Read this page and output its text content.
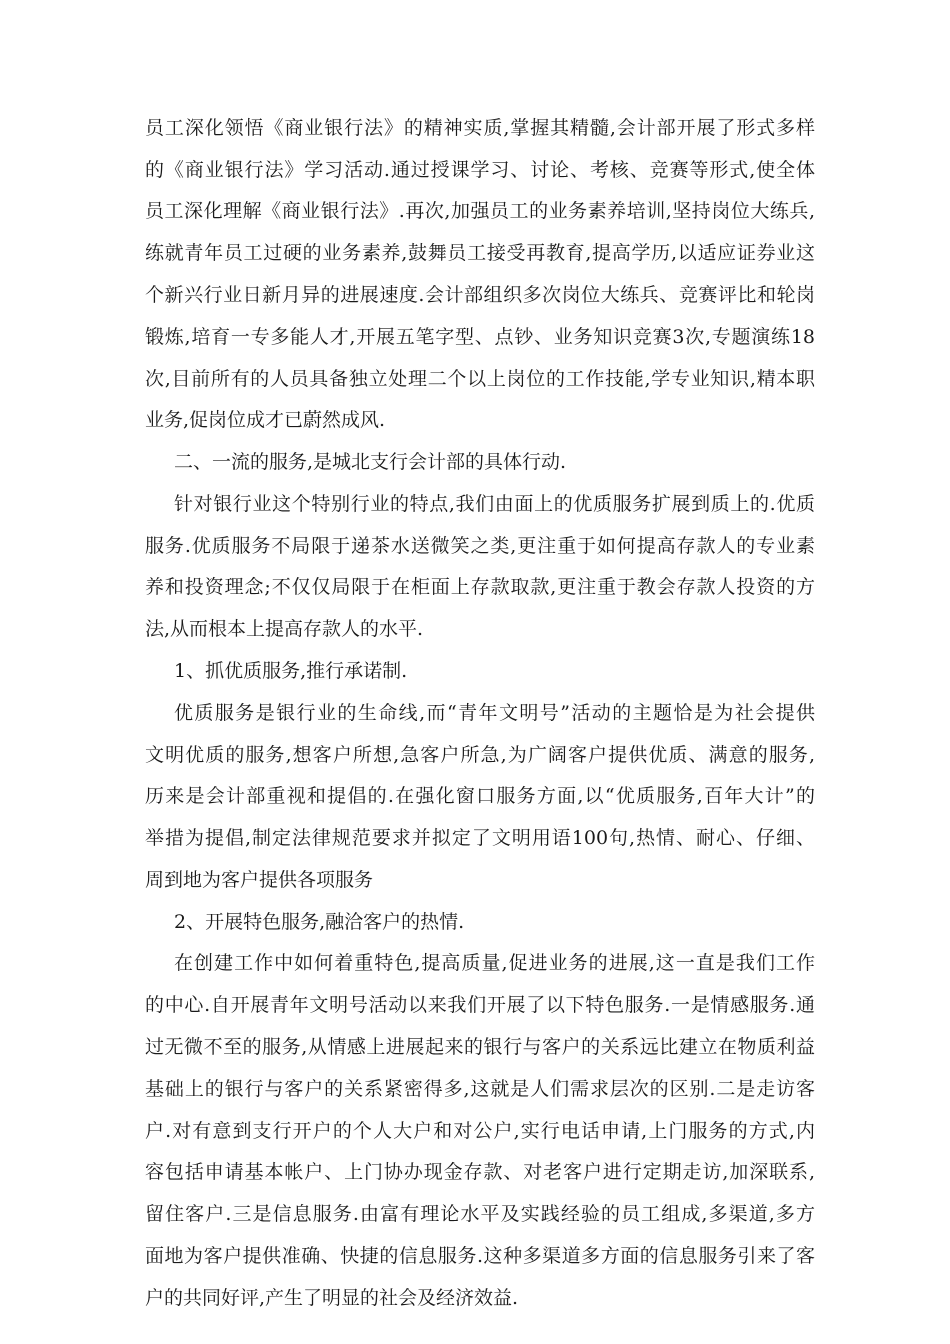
员工深化领悟《商业银行法》的精神实质,掌握其精髓,会计部开展了形式多样
的《商业银行法》学习活动.通过授课学习、讨论、考核、竞赛等形式,使全体
员工深化理解《商业银行法》.再次,加强员工的业务素养培训,坚持岗位大练兵,
练就青年员工过硬的业务素养,鼓舞员工接受再教育,提高学历,以适应证券业这
个新兴行业日新月异的进展速度.会计部组织多次岗位大练兵、竞赛评比和轮岗
锻炼,培育一专多能人才,开展五笔字型、点钞、业务知识竞赛3次,专题演练18
次,目前所有的人员具备独立处理二个以上岗位的工作技能,学专业知识,精本职
业务,促岗位成才已蔚然成风.
二、一流的服务,是城北支行会计部的具体行动.
针对银行业这个特别行业的特点,我们由面上的优质服务扩展到质上的.优质
服务.优质服务不局限于递茶水送微笑之类,更注重于如何提高存款人的专业素
养和投资理念;不仅仅局限于在柜面上存款取款,更注重于教会存款人投资的方
法,从而根本上提高存款人的水平.
1、抓优质服务,推行承诺制.
优质服务是银行业的生命线,而“青年文明号”活动的主题恰是为社会提供
文明优质的服务,想客户所想,急客户所急,为广阔客户提供优质、满意的服务,
历来是会计部重视和提倡的.在强化窗口服务方面,以“优质服务,百年大计”的
举措为提倡,制定法律规范要求并拟定了文明用语100句,热情、耐心、仔细、
周到地为客户提供各项服务
2、开展特色服务,融洽客户的热情.
在创建工作中如何着重特色,提高质量,促进业务的进展,这一直是我们工作
的中心.自开展青年文明号活动以来我们开展了以下特色服务.一是情感服务.通
过无微不至的服务,从情感上进展起来的银行与客户的关系远比建立在物质利益
基础上的银行与客户的关系紧密得多,这就是人们需求层次的区别.二是走访客
户.对有意到支行开户的个人大户和对公户,实行电话申请,上门服务的方式,内
容包括申请基本帐户、上门协办现金存款、对老客户进行定期走访,加深联系,
留住客户.三是信息服务.由富有理论水平及实践经验的员工组成,多渠道,多方
面地为客户提供准确、快捷的信息服务.这种多渠道多方面的信息服务引来了客
户的共同好评,产生了明显的社会及经济效益.
